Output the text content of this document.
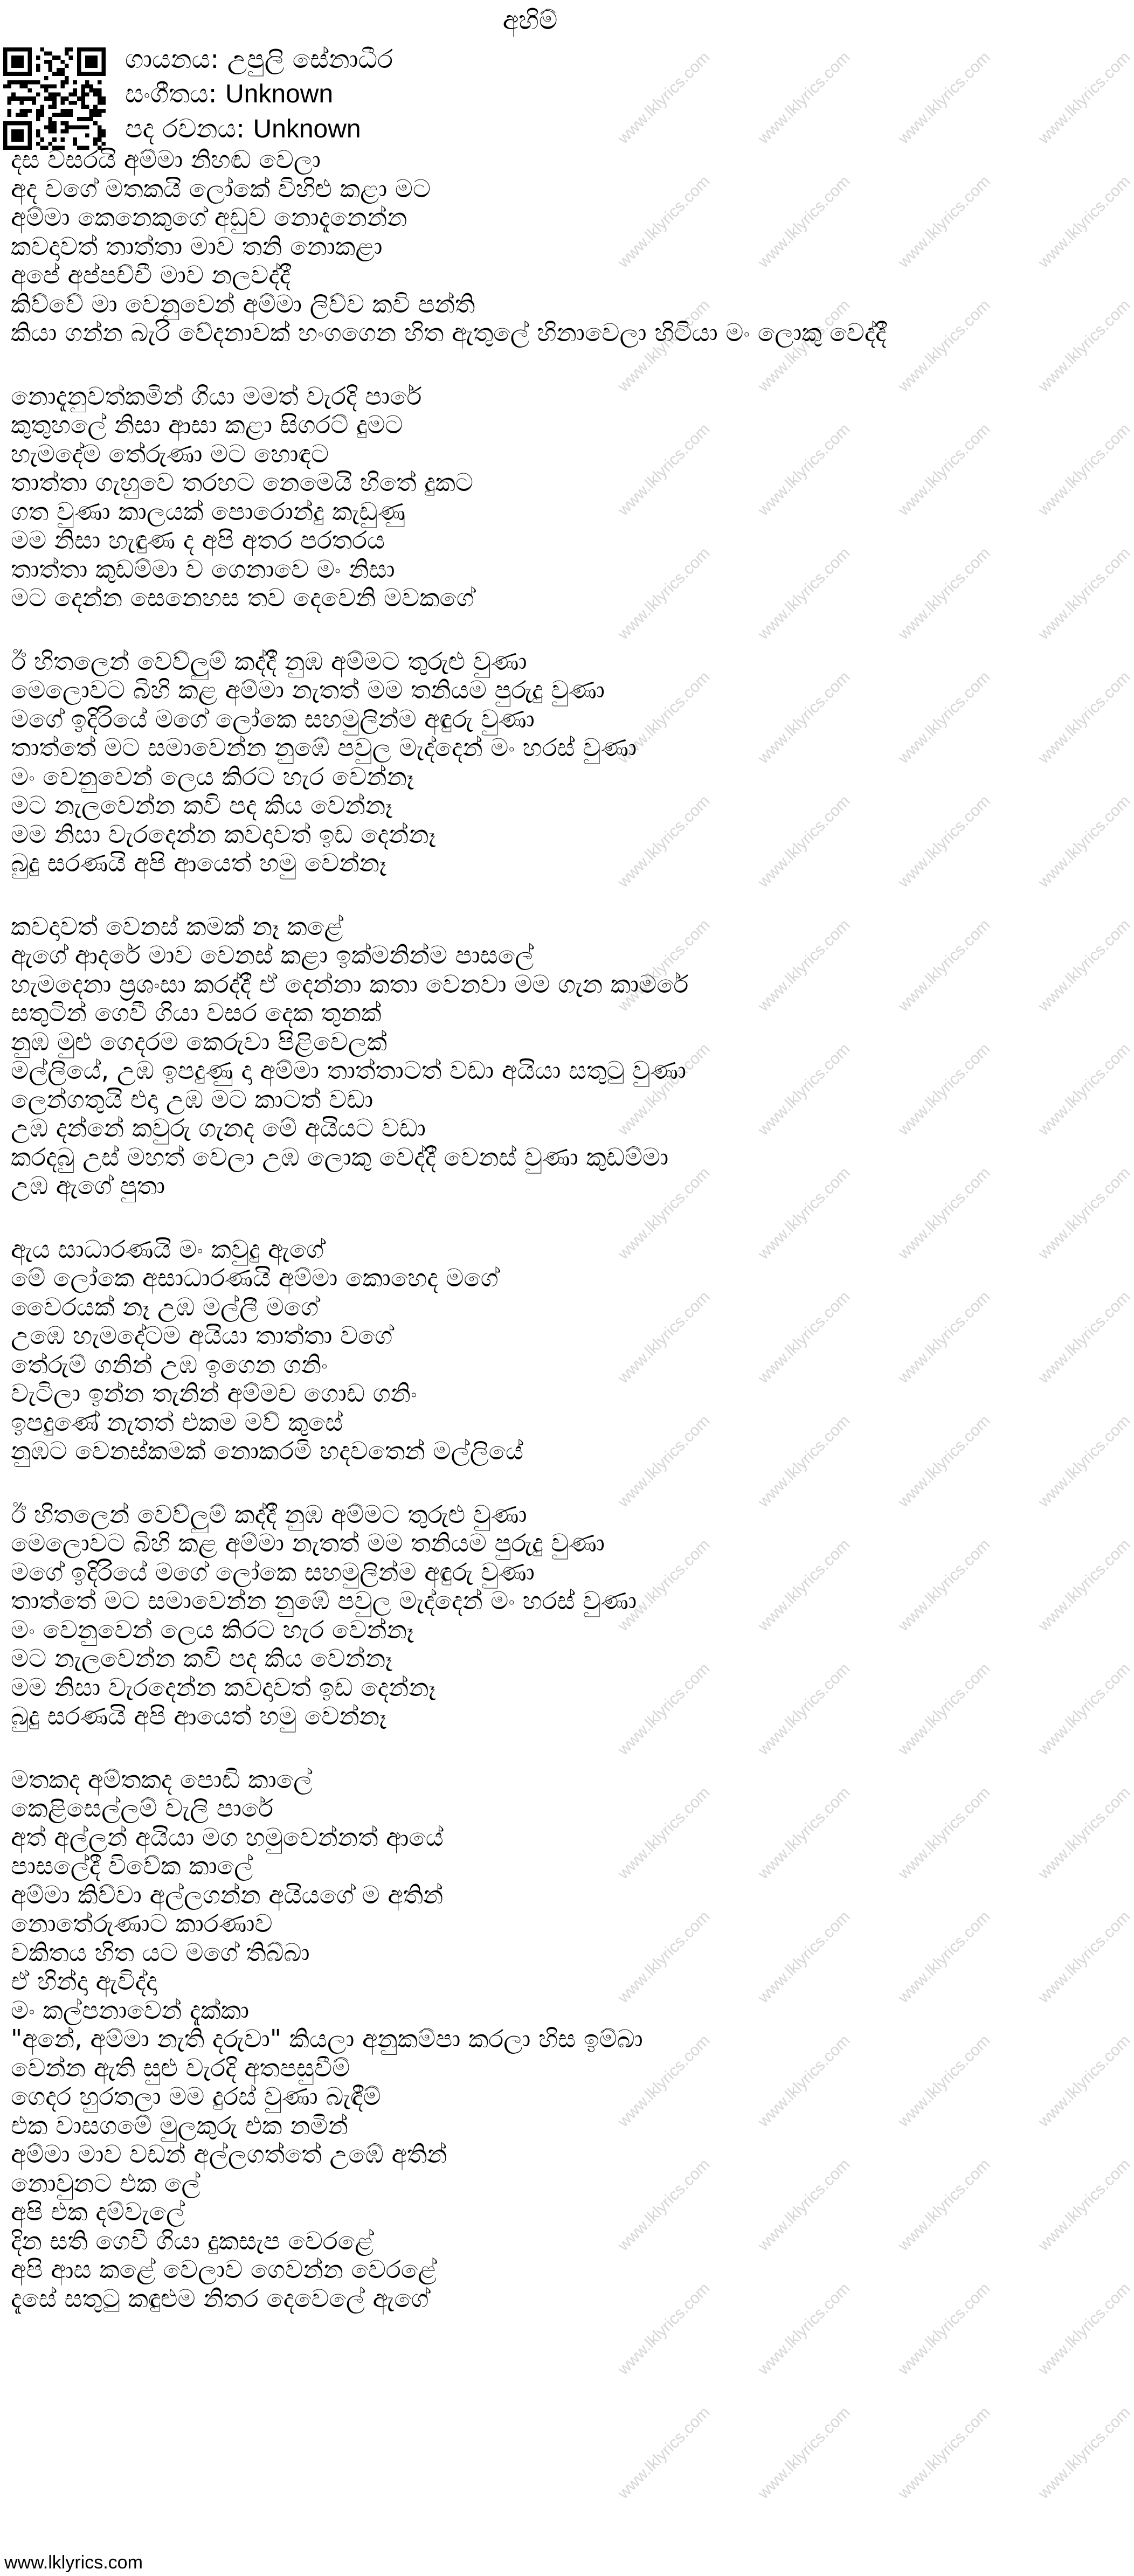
www.lklyrics.com	www.lklyrics.com	www.lklyrics.com	www.lklyrics.com
www.lklyrics.com	www.lklyrics.com	www.lklyrics.com	www.lklyrics.com
www.lklyrics.com	www.lklyrics.com	www.lklyrics.com	www.lklyrics.com
www.lklyrics.com	www.lklyrics.com	www.lklyrics.com	www.lklyrics.com
www.lklyrics.com	www.lklyrics.com	www.lklyrics.com	www.lklyrics.com
www.lklyrics.com	www.lklyrics.com	www.lklyrics.com	www.lklyrics.com
www.lklyrics.com	www.lklyrics.com	www.lklyrics.com	www.lklyrics.com
www.lklyrics.com	www.lklyrics.com	www.lklyrics.com	www.lklyrics.com
www.lklyrics.com	www.lklyrics.com	www.lklyrics.com	www.lklyrics.com
www.lklyrics.com	www.lklyrics.com	www.lklyrics.com	www.lklyrics.com
www.lklyrics.com	www.lklyrics.com	www.lklyrics.com	www.lklyrics.com
www.lklyrics.com	www.lklyrics.com	www.lklyrics.com	www.lklyrics.com
www.lklyrics.com	www.lklyrics.com	www.lklyrics.com	www.lklyrics.com
www.lklyrics.com	www.lklyrics.com	www.lklyrics.com	www.lklyrics.com
www.lklyrics.com	www.lklyrics.com	www.lklyrics.com	www.lklyrics.com
www.lklyrics.com	www.lklyrics.com	www.lklyrics.com	www.lklyrics.com
www.lklyrics.com	www.lklyrics.com	www.lklyrics.com	www.lklyrics.com
www.lklyrics.com	www.lklyrics.com	www.lklyrics.com	www.lklyrics.com
www.lklyrics.com	www.lklyrics.com	www.lklyrics.com	www.lklyrics.com
www.lklyrics.com	www.lklyrics.com	www.lklyrics.com	www.lklyrics.com
අහිම්
ගායනය: උපුලි සේනාධීර
සංගීතය: Unknown
පද රචනය: Unknown
දස වසරයි අම්මා නිහඬ වෙලා
අද වගේ මතකයි ලෝකේ විහිළු කළා මට
අම්මා කෙනෙකුගේ අඩුව නොදැනෙන්න
කවදාවත් තාත්තා මාව තනි නොකළා
අපේ අප්පච්චී මාව නලවද්දී
කිව්වේ මා වෙනුවෙන් අම්මා ලිව්ව කවි පන්ති
කියා ගන්න බැරි වේදනාවක් හංගගෙන හිත ඇතුලේ හිනාවෙලා හිටියා මං ලොකු වෙද්දී
නොදැනුවත්කමින් ගියා මමත් වැරදි පාරේ
කුතුහලේ නිසා ආසා කළා සිගරට් දුමට
හැමදේම තේරුණා මට හොඳට
තාත්තා ගැහුවෙ තරහට නෙමෙයි හිතේ දුකට
ගත වුණා කාලයක් පොරොන්දු කැඩුණු
මම නිසා හැඳුණ ද අපි අතර පරතරය
තාත්තා කුඩම්මා ව ගෙනාවෙ මං නිසා
මට දෙන්න සෙනෙහස තව දෙවෙනි මවකගේ
ඊ හිතලෙන් වෙව්ලුම් කද්දී නුඹ අම්මට තුරුළු වුණා
මෙලොවට බිහි කළ අම්මා නැතත් මම තනියම පුරුදු වුණා
මගේ ඉදිරියේ මගේ ලෝකෙ සහමුලින්ම අඳුරු වුණා
තාත්තේ මට සමාවෙන්න නුඹේ පවුල මැද්දෙන් මං හරස් වුණා
මං වෙනුවෙන් ලෙය කිරට හැර වෙන්නෑ
මට නැලවෙන්න කවි පද කිය වෙන්නෑ
මම නිසා වැරදෙන්න කවදාවත් ඉඩ දෙන්නෑ
බුදු සරණයි අපි ආයෙත් හමු වෙන්නෑ
කවදාවත් වෙනස් කමක් නෑ කළේ
ඇගේ ආදරේ මාව වෙනස් කළා ඉක්මනින්ම පාසලේ
හැමදෙනා ප්‍රශංසා කරද්දී ඒ දෙන්නා කතා වෙනවා මම ගැන කාමරේ
සතුටින් ගෙවී ගියා වසර දෙක තුනක්
නුඹ මුළු ගෙදරම කෙරුවා පිළිවෙලක්
මල්ලියේ, උඹ ඉපදුණු දා අම්මා තාත්තාටත් වඩා අයියා සතුටු වුණා
ලෙන්ගතුයි එදා උඹ මට කාටත් වඩා
උඹ දන්නේ කවුරු ගැනද මේ අයියට වඩා
කරදබු උස් මහත් වෙලා උඹ ලොකු වෙද්දී වෙනස් වුණා කුඩම්මා
උඹ ඇගේ පුතා
ඇය සාධාරණයි මං කවුදු ඇගේ
මේ ලෝකෙ අසාධාරණයි අම්මා කොහෙද මගේ
වෛරයක් නෑ උඹ මල්ලී මගේ
උඹෙ හැමදේටම අයියා තාත්තා වගේ
තේරුම් ගනින් උඹ ඉගෙන ගනිං
වැටිලා ඉන්න තැනින් අම්මච ගොඩ ගනිං
ඉපදුණේ නැතත් එකම මව් කුසේ
නුඹට වෙනස්කමක් නොකරමි හදවතෙන් මල්ලියේ
ඊ හිතලෙන් වෙව්ලුම් කද්දී නුඹ අම්මට තුරුළු වුණා
මෙලොවට බිහි කළ අම්මා නැතත් මම තනියම පුරුදු වුණා
මගේ ඉදිරියේ මගේ ලෝකෙ සහමුලින්ම අඳුරු වුණා
තාත්තේ මට සමාවෙන්න නුඹේ පවුල මැද්දෙන් මං හරස් වුණා
මං වෙනුවෙන් ලෙය කිරට හැර වෙන්නෑ
මට නැලවෙන්න කවි පද කිය වෙන්නෑ
මම නිසා වැරදෙන්න කවදාවත් ඉඩ දෙන්නෑ
බුදු සරණයි අපි ආයෙත් හමු වෙන්නෑ
මතකද අම්තකද පොඩි කාලේ
කෙළිසෙල්ලම් වැලි පාරේ
අත් අල්ලන් අයියා මග හමුවෙන්නත් ආයේ
පාසලේදී විවේක කාලේ
අම්මා කිව්වා අල්ලගන්න අයියගේ ම අතින්
නොතේරුණාට කාරණාව
වකිතය හිත යට මගේ තිබ්බා
ඒ හින්දා ඇවිද්දා
මං කල්පනාවෙන් දැක්කා
"අනේ, අම්මා නැති දරුවා" කියලා අනුකම්පා කරලා හිස ඉම්බා
වෙන්න ඇති සුළු වැරදි අතපසුවීම්
ගෙදර හුරතලා මම දුරස් වුණා බැඳීම්
එක වාසගමේ මුලකුරු එක නමින්
අම්මා මාව වඩන් අල්ලගත්තේ උඹේ අතින්
නොවුනට එක ලේ
අපි එක දම්වැලේ
දින සති ගෙවී ගියා දුකසැප වෙරළේ
අපි ආස කළේ වෙලාව ගෙවන්න වෙරළේ
දැසේ සතුටු කඳුළුම නිතර දෙවෙලේ ඇගේ
www.lklyrics.com
